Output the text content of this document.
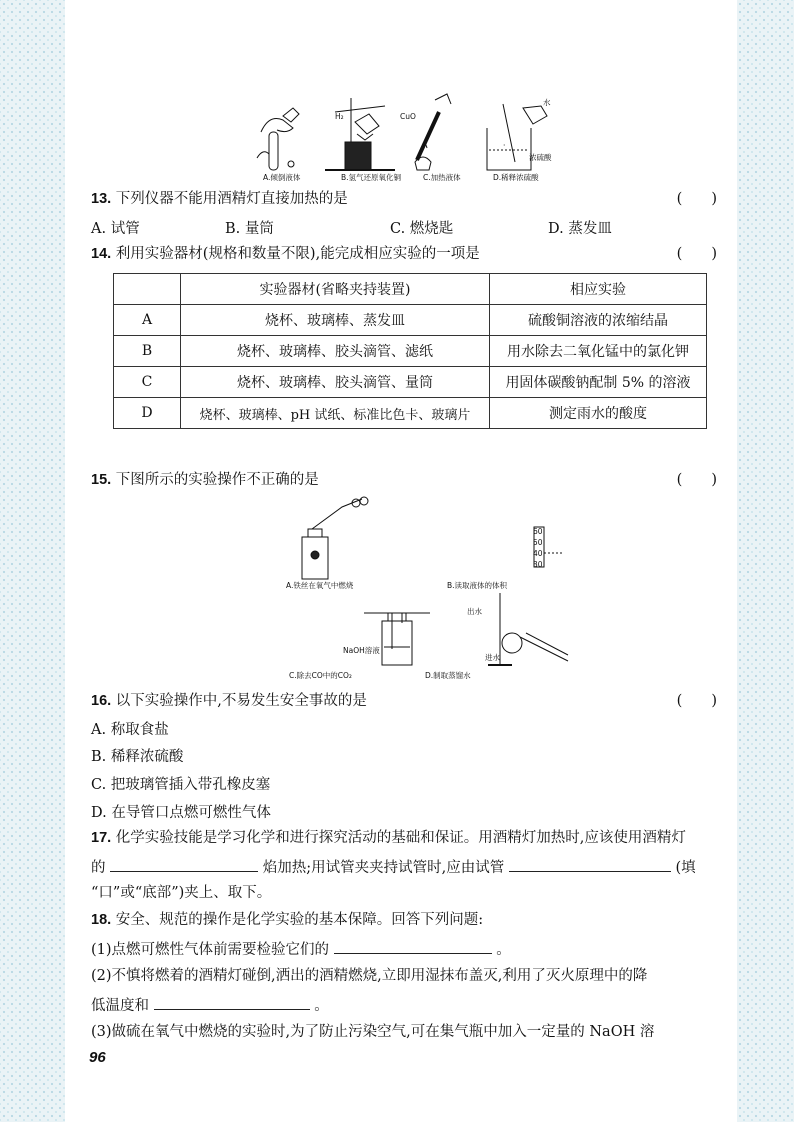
·
H₂	CuO
水
浓硫酸
A.倾倒液体	B.氢气还原氧化铜	C.加热液体	D.稀释浓硫酸
13. 下列仪器不能用酒精灯直接加热的是	(　　)
A. 试管	B. 量筒	C. 燃烧匙	D. 蒸发皿
14. 利用实验器材(规格和数量不限),能完成相应实验的一项是	(　　)
	实验器材(省略夹持装置)	相应实验
A	烧杯、玻璃棒、蒸发皿	硫酸铜溶液的浓缩结晶
B	烧杯、玻璃棒、胶头滴管、滤纸	用水除去二氧化锰中的氯化钾
C	烧杯、玻璃棒、胶头滴管、量筒	用固体碳酸钠配制 5% 的溶液
D	烧杯、玻璃棒、pH 试纸、标准比色卡、玻璃片	测定雨水的酸度
15. 下图所示的实验操作不正确的是	(　　)
60
50
40
30
A.铁丝在氧气中燃烧	B.读取液体的体积
NaOH溶液
C.除去CO中的CO₂
出水
进水
D.制取蒸馏水
16. 以下实验操作中,不易发生安全事故的是	(　　)
A. 称取食盐
B. 稀释浓硫酸
C. 把玻璃管插入带孔橡皮塞
D. 在导管口点燃可燃性气体
17. 化学实验技能是学习化学和进行探究活动的基础和保证。用酒精灯加热时,应该使用酒精灯
的	焰加热;用试管夹夹持试管时,应由试管	(填
“口”或“底部”)夹上、取下。
18. 安全、规范的操作是化学实验的基本保障。回答下列问题:
(1)点燃可燃性气体前需要检验它们的	。
(2)不慎将燃着的酒精灯碰倒,洒出的酒精燃烧,立即用湿抹布盖灭,利用了灭火原理中的降
低温度和	。
(3)做硫在氧气中燃烧的实验时,为了防止污染空气,可在集气瓶中加入一定量的 NaOH 溶
96
